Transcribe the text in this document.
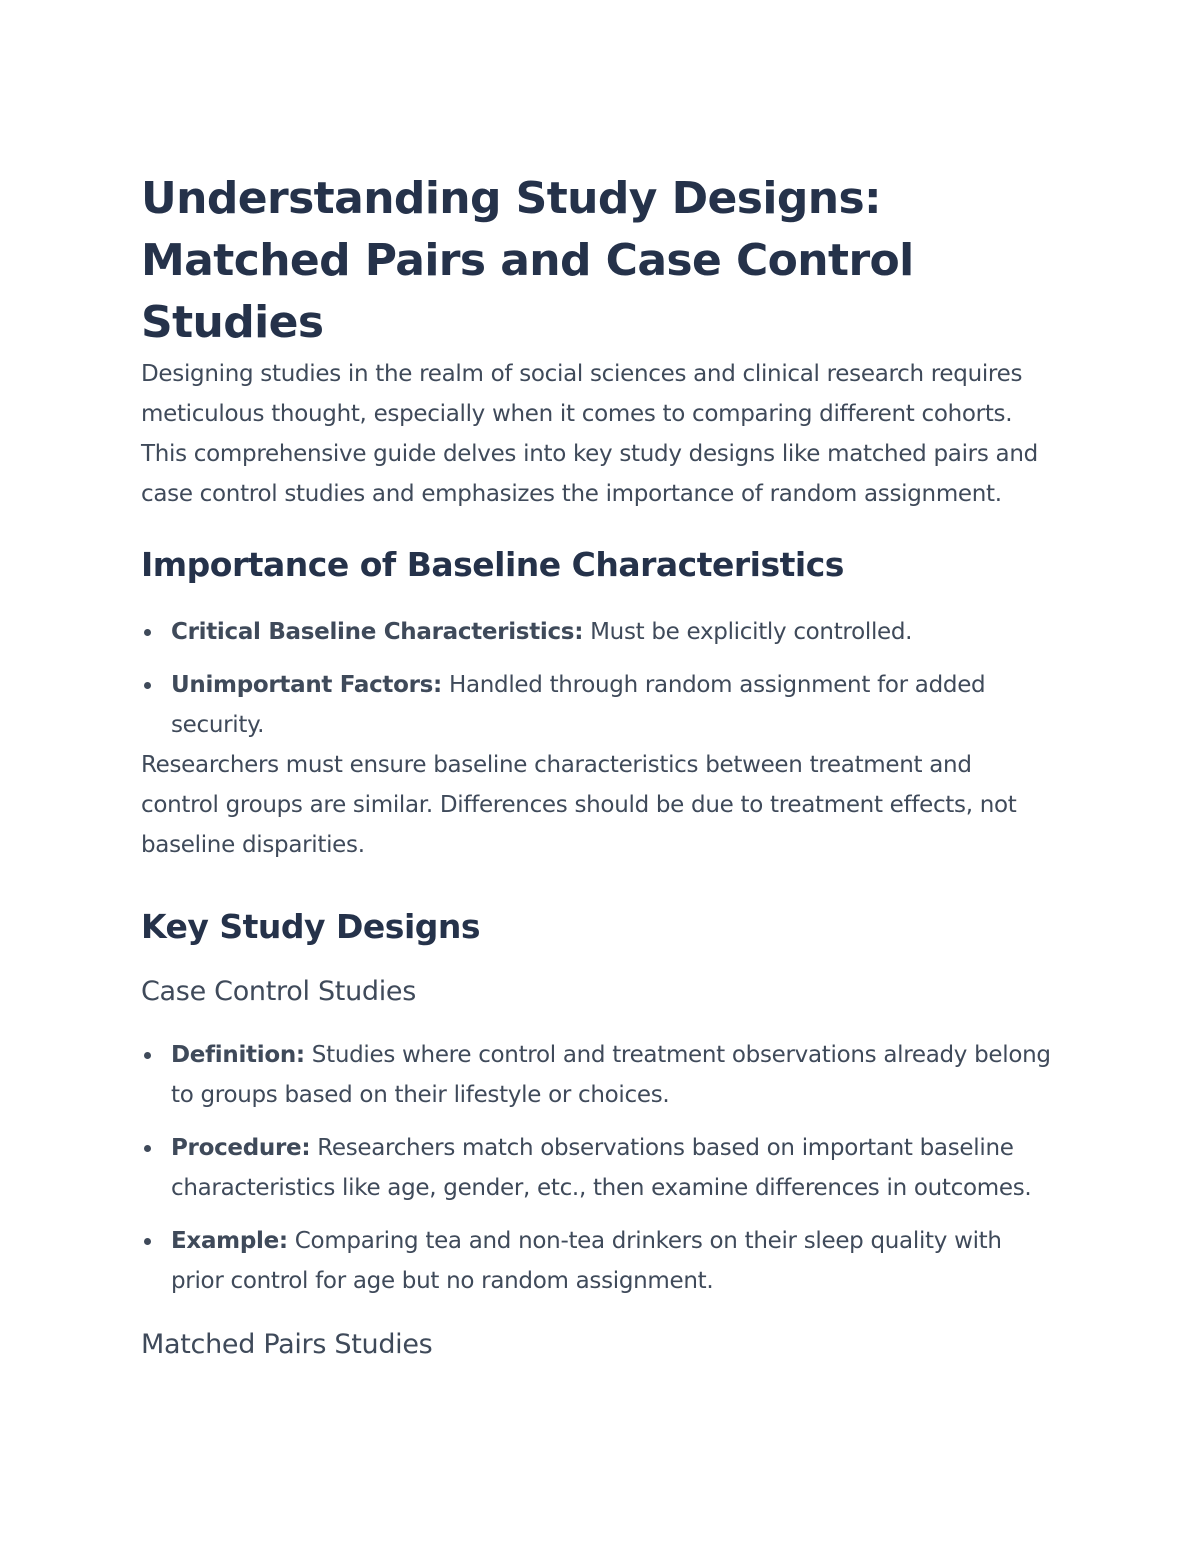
Understanding Study Designs: Matched Pairs and Case Control Studies

Designing studies in the realm of social sciences and clinical research requires meticulous thought, especially when it comes to comparing different cohorts. This comprehensive guide delves into key study designs like matched pairs and case control studies and emphasizes the importance of random assignment.

Importance of Baseline Characteristics
Critical Baseline Characteristics: Must be explicitly controlled.
Unimportant Factors: Handled through random assignment for added security.

Researchers must ensure baseline characteristics between treatment and control groups are similar. Differences should be due to treatment effects, not baseline disparities.

Key Study Designs
Case Control Studies
Definition: Studies where control and treatment observations already belong to groups based on their lifestyle or choices.
Procedure: Researchers match observations based on important baseline characteristics like age, gender, etc., then examine differences in outcomes.
Example: Comparing tea and non-tea drinkers on their sleep quality with prior control for age but no random assignment.
Matched Pairs Studies
